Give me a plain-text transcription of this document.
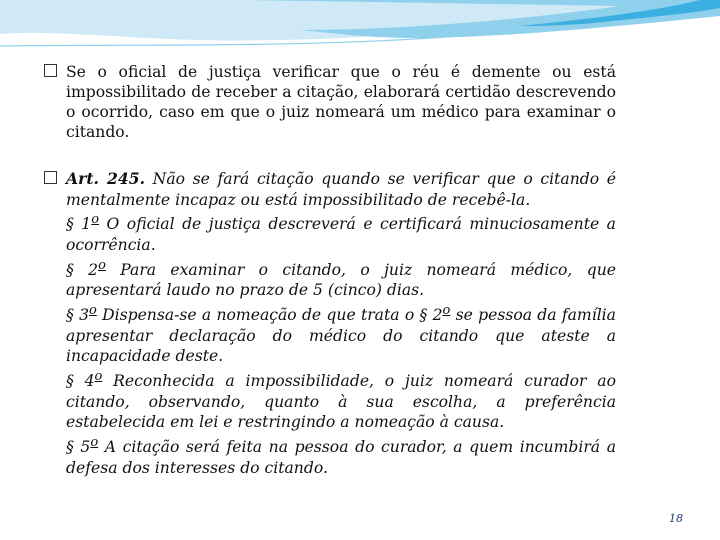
Se o oficial de justiça verificar que o réu é demente ou está impossibilitado de receber a citação, elaborará certidão descrevendo o ocorrido, caso em que o juiz nomeará um médico para examinar o citando.

Art. 245. Não se fará citação quando se verificar que o citando é mentalmente incapaz ou está impossibilitado de recebê-la.

§ 1$^o$ O oficial de justiça descreverá e certificará minuciosamente a ocorrência.

§ 2$^o$ Para examinar o citando, o juiz nomeará médico, que apresentará laudo no prazo de 5 (cinco) dias.

§ 3$^o$ Dispensa-se a nomeação de que trata o § 2$^o$ se pessoa da família apresentar declaração do médico do citando que ateste a incapacidade deste.

§ 4$^o$ Reconhecida a impossibilidade, o juiz nomeará curador ao citando, observando, quanto à sua escolha, a preferência estabelecida em lei e restringindo a nomeação à causa.

§ 5$^o$ A citação será feita na pessoa do curador, a quem incumbirá a defesa dos interesses do citando.

18
